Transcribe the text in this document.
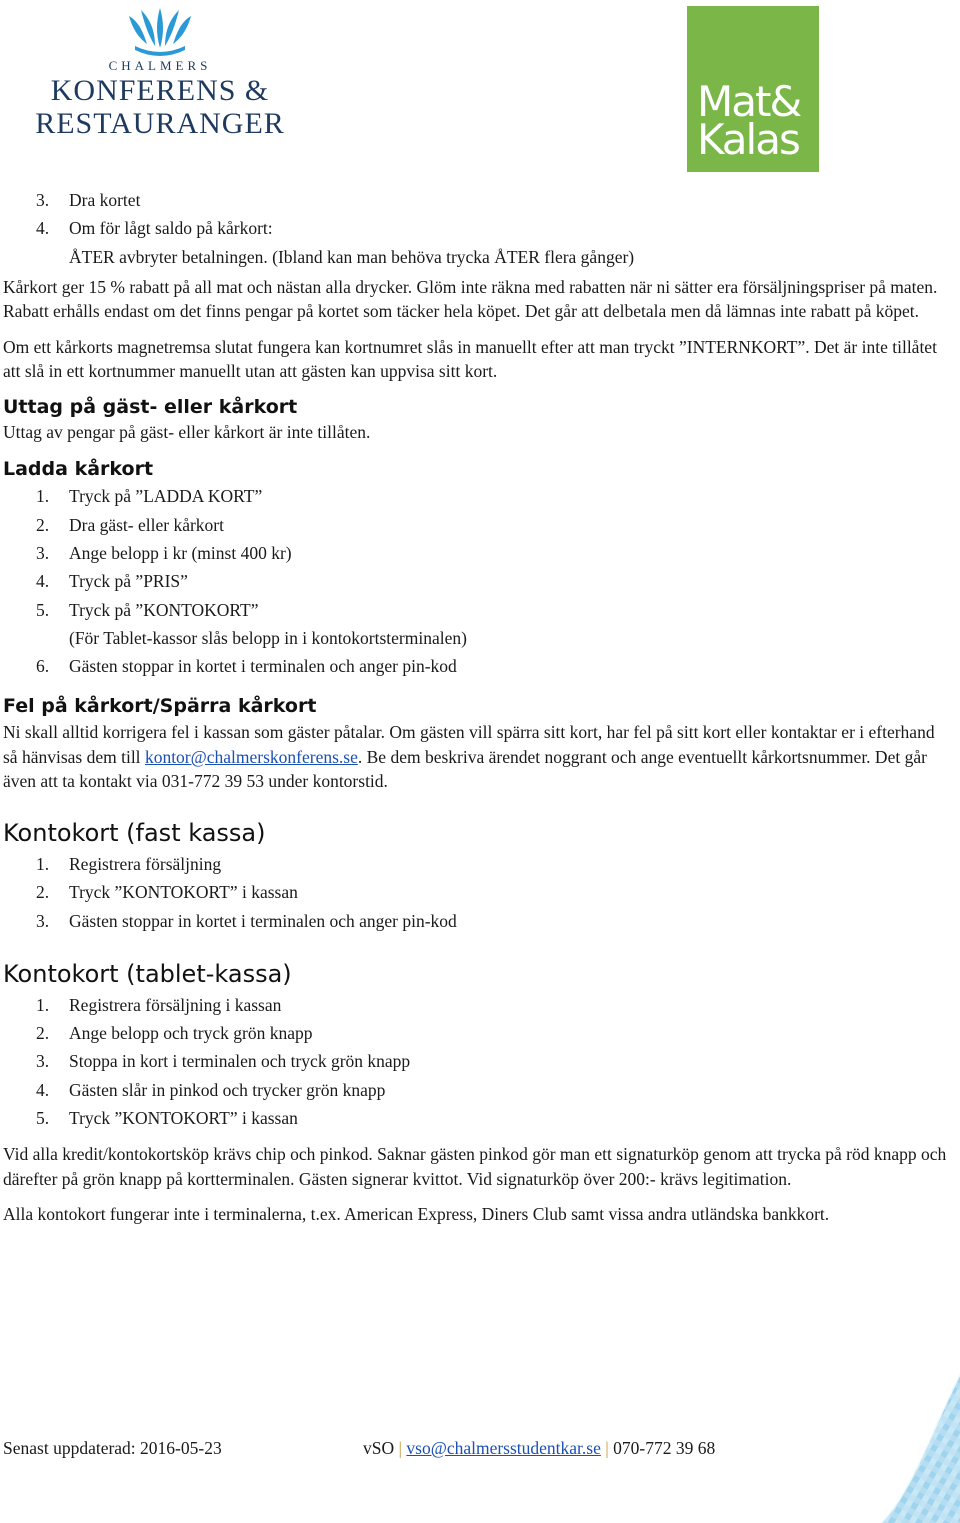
CHALMERS
KONFERENS &
RESTAURANGER	Mat&
Kalas
3. Dra kortet
4. Om för lågt saldo på kårkort:
ÅTER avbryter betalningen. (Ibland kan man behöva trycka ÅTER flera gånger)

Kårkort ger 15 % rabatt på all mat och nästan alla drycker. Glöm inte räkna med rabatten när ni sätter era försäljningspriser på maten. Rabatt erhålls endast om det finns pengar på kortet som täcker hela köpet. Det går att delbetala men då lämnas inte rabatt på köpet.

Om ett kårkorts magnetremsa slutat fungera kan kortnumret slås in manuellt efter att man tryckt ”INTERNKORT”. Det är inte tillåtet att slå in ett kortnummer manuellt utan att gästen kan uppvisa sitt kort.

Uttag på gäst- eller kårkort

Uttag av pengar på gäst- eller kårkort är inte tillåten.

Ladda kårkort
1. Tryck på ”LADDA KORT”
2. Dra gäst- eller kårkort
3. Ange belopp i kr (minst 400 kr)
4. Tryck på ”PRIS”
5. Tryck på ”KONTOKORT”
(För Tablet-kassor slås belopp in i kontokortsterminalen)
6. Gästen stoppar in kortet i terminalen och anger pin-kod
Fel på kårkort/Spärra kårkort

Ni skall alltid korrigera fel i kassan som gäster påtalar. Om gästen vill spärra sitt kort, har fel på sitt kort eller kontaktar er i efterhand så hänvisas dem till kontor@chalmerskonferens.se. Be dem beskriva ärendet noggrant och ange eventuellt kårkortsnummer. Det går även att ta kontakt via 031-772 39 53 under kontorstid.

Kontokort (fast kassa)
1. Registrera försäljning
2. Tryck ”KONTOKORT” i kassan
3. Gästen stoppar in kortet i terminalen och anger pin-kod
Kontokort (tablet-kassa)
1. Registrera försäljning i kassan
2. Ange belopp och tryck grön knapp
3. Stoppa in kort i terminalen och tryck grön knapp
4. Gästen slår in pinkod och trycker grön knapp
5. Tryck ”KONTOKORT” i kassan

Vid alla kredit/kontokortsköp krävs chip och pinkod. Saknar gästen pinkod gör man ett signaturköp genom att trycka på röd knapp och därefter på grön knapp på kortterminalen. Gästen signerar kvittot. Vid signaturköp över 200:- krävs legitimation.

Alla kontokort fungerar inte i terminalerna, t.ex. American Express, Diners Club samt vissa andra utländska bankkort.

Senast uppdaterad: 2016-05-23	vSO | vso@chalmersstudentkar.se | 070-772 39 68
